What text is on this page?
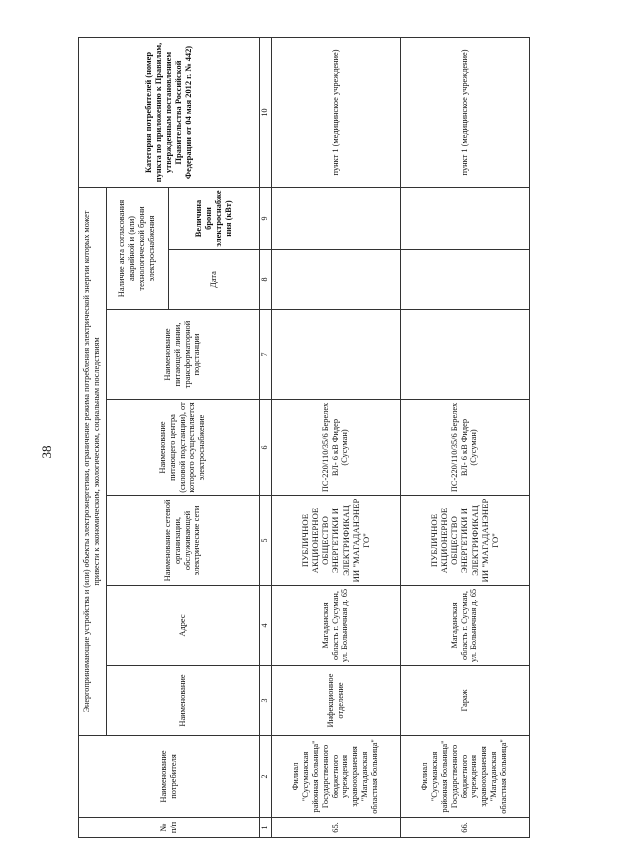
38
№ п/п	Наименование потребителя	Энергопринимающие устройства и (или) объекты электроэнергетики, ограничение режима потребления электрической энергии которых может привести к экономическим, экологическим, социальным последствиям							Категория потребителей (номер пункта по приложению к Правилам, утвержденным постановлением Правительства Российской Федерации от 04 мая 2012 г. № 442)
		Наименование	Адрес	Наименование сетевой организации, обслуживающей электрические сети	Наименование питающего центра (силовой подстанции), от которого осуществляется электроснабжение	Наименование питающей линии, трансформаторной подстанции	Наличие акта согласования аварийной и (или) технологической брони электроснабжения		
							Дата	Величина брони электроснабжения (кВт)	
1	2	3	4	5	6	7	8	9	10
65.	Филиал "Сусуманская районная больница" Государственного бюджетного учреждения здравоохранения "Магаданская областная больница"	Инфекционное отделение	Магаданская область г. Сусуман, ул. Больничная д. 65	ПУБЛИЧНОЕ АКЦИОНЕРНОЕ ОБЩЕСТВО ЭНЕРГЕТИКИ И ЭЛЕКТРИФИКАЦ ИИ "МАГАДАНЭНЕР ГО"	ПС-220/110/35/6 Берелех ВЛ- 6 кВ Фидер (Сусуман)				пункт 1 (медицинское учреждение)
66.	Филиал "Сусуманская районная больница" Государственного бюджетного учреждения здравоохранения "Магаданская областная больница"	Гараж	Магаданская область г. Сусуман, ул. Больничная д. 65	ПУБЛИЧНОЕ АКЦИОНЕРНОЕ ОБЩЕСТВО ЭНЕРГЕТИКИ И ЭЛЕКТРИФИКАЦ ИИ "МАГАДАНЭНЕР ГО"	ПС-220/110/35/6 Берелех ВЛ- 6 кВ Фидер (Сусуман)				пункт 1 (медицинское учреждение)
